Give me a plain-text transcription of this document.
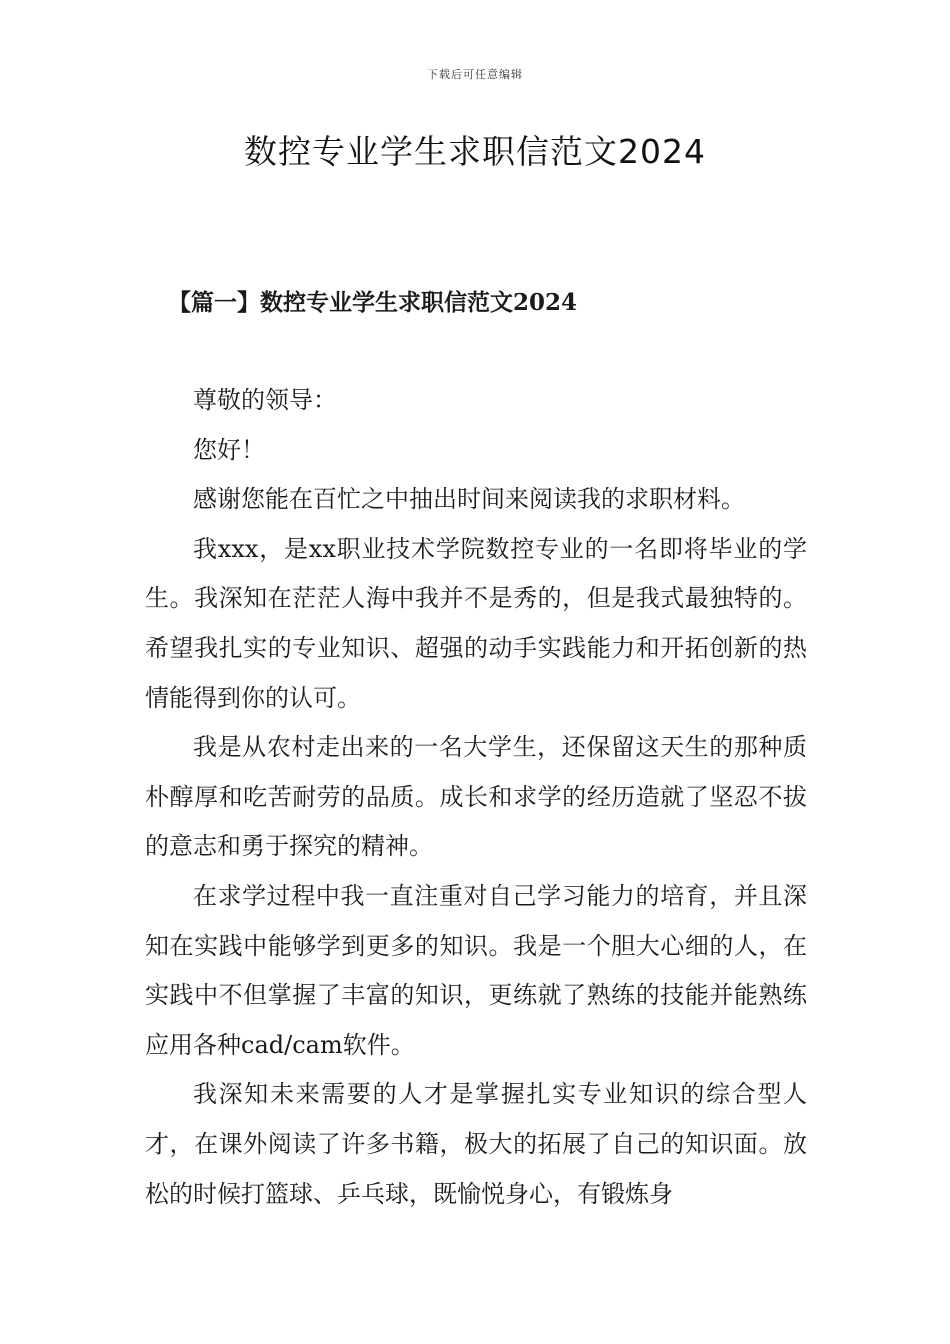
下载后可任意编辑
数控专业学生求职信范文2024
【篇一】数控专业学生求职信范文2024

尊敬的领导：

您好！

感谢您能在百忙之中抽出时间来阅读我的求职材料。

我xxx，是xx职业技术学院数控专业的一名即将毕业的学生。我深知在茫茫人海中我并不是秀的，但是我式最独特的。希望我扎实的专业知识、超强的动手实践能力和开拓创新的热情能得到你的认可。

我是从农村走出来的一名大学生，还保留这天生的那种质朴醇厚和吃苦耐劳的品质。成长和求学的经历造就了坚忍不拔的意志和勇于探究的精神。

在求学过程中我一直注重对自己学习能力的培育，并且深知在实践中能够学到更多的知识。我是一个胆大心细的人，在实践中不但掌握了丰富的知识，更练就了熟练的技能并能熟练应用各种cad/cam软件。

我深知未来需要的人才是掌握扎实专业知识的综合型人才，在课外阅读了许多书籍，极大的拓展了自己的知识面。放松的时候打篮球、乒乓球，既愉悦身心，有锻炼身
